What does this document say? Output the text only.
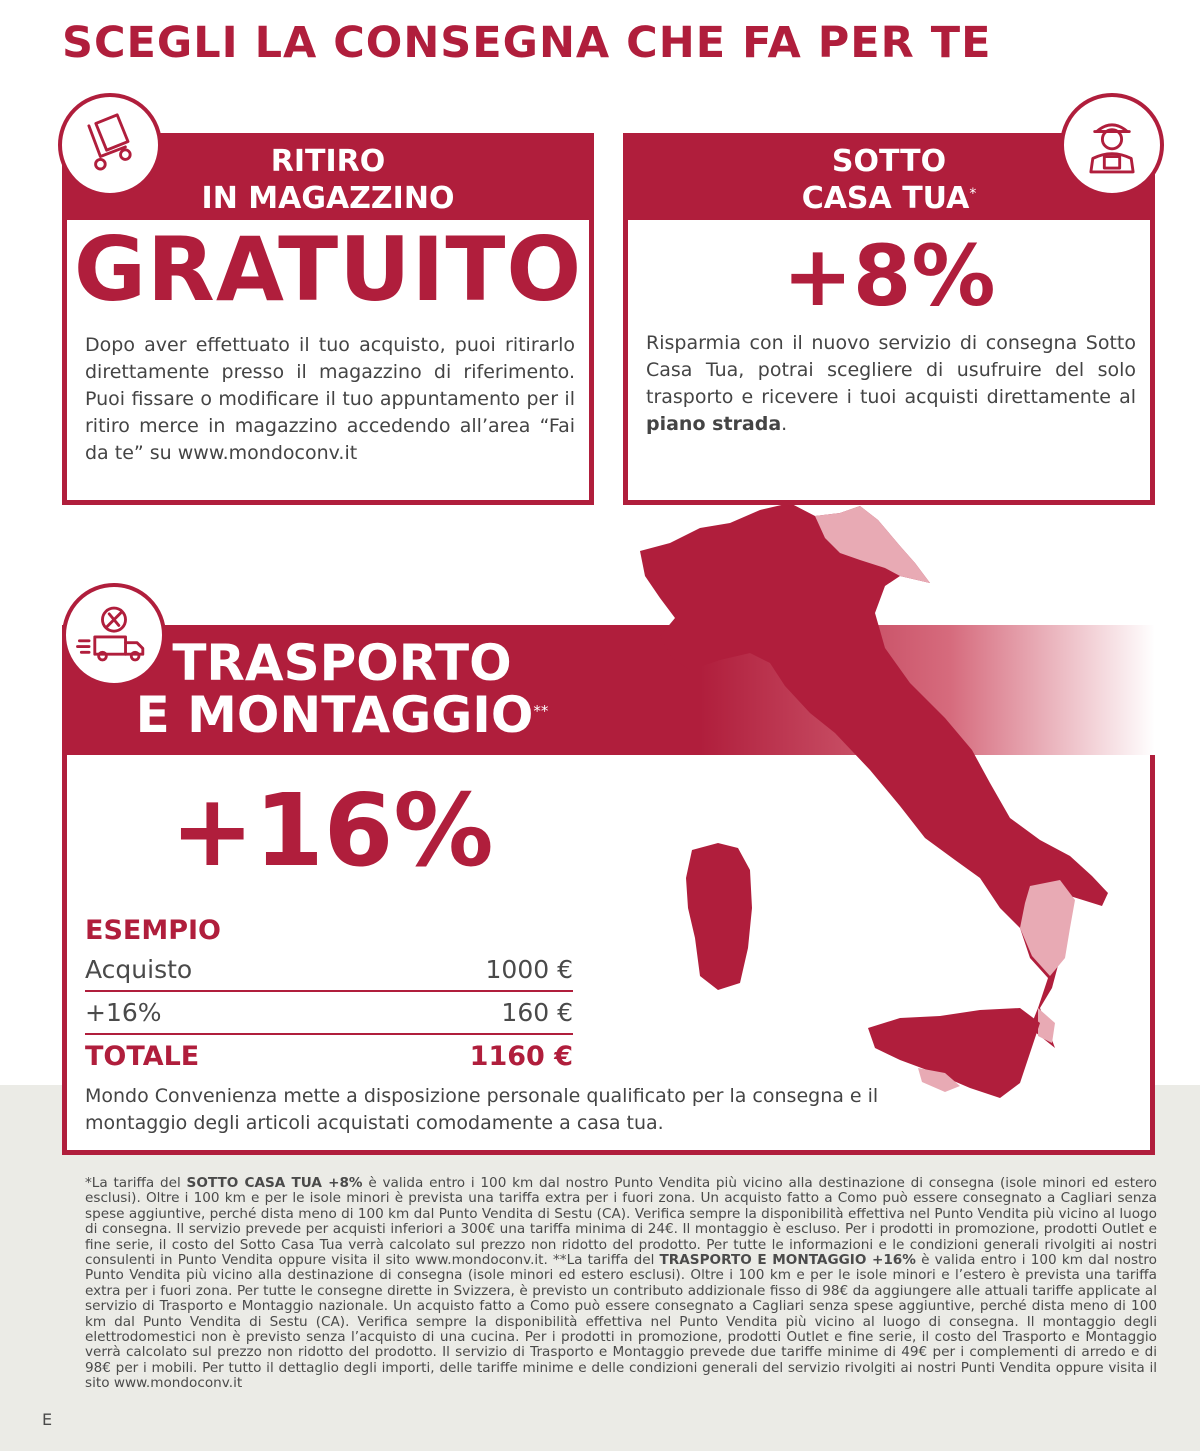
SCEGLI LA CONSEGNA CHE FA PER TE
RITIRO
IN MAGAZZINO
GRATUITO
Dopo aver effettuato il tuo acquisto, puoi ritirarlo direttamente presso il magazzino di riferimento. Puoi fissare o modificare il tuo appuntamento per il ritiro merce in magazzino accedendo all’area “Fai da te” su www.mondoconv.it
SOTTO
CASA TUA*
+8%
Risparmia con il nuovo servizio di consegna Sotto Casa Tua, potrai scegliere di usufruire del solo trasporto e ricevere i tuoi acquisti direttamente al piano strada.
TRASPORTO
E MONTAGGIO**
+16%
Mondo Convenienza mette a disposizione personale qualificato per la consegna e il montaggio degli articoli acquistati comodamente a casa tua.
ESEMPIO
Acquisto	1000 €
+16%	160 €
TOTALE	1160 €
*La tariffa del SOTTO CASA TUA +8% è valida entro i 100 km dal nostro Punto Vendita più vicino alla destinazione di consegna (isole minori ed estero esclusi). Oltre i 100 km e per le isole minori è prevista una tariffa extra per i fuori zona. Un acquisto fatto a Como può essere consegnato a Cagliari senza spese aggiuntive, perché dista meno di 100 km dal Punto Vendita di Sestu (CA). Verifica sempre la disponibilità effettiva nel Punto Vendita più vicino al luogo di consegna. Il servizio prevede per acquisti inferiori a 300€ una tariffa minima di 24€. Il montaggio è escluso. Per i prodotti in promozione, prodotti Outlet e fine serie, il costo del Sotto Casa Tua verrà calcolato sul prezzo non ridotto del prodotto. Per tutte le informazioni e le condizioni generali rivolgiti ai nostri consulenti in Punto Vendita oppure visita il sito www.mondoconv.it. **La tariffa del TRASPORTO E MONTAGGIO +16% è valida entro i 100 km dal nostro Punto Vendita più vicino alla destinazione di consegna (isole minori ed estero esclusi). Oltre i 100 km e per le isole minori e l’estero è prevista una tariffa extra per i fuori zona. Per tutte le consegne dirette in Svizzera, è previsto un contributo addizionale fisso di 98€ da aggiungere alle attuali tariffe applicate al servizio di Trasporto e Montaggio nazionale. Un acquisto fatto a Como può essere consegnato a Cagliari senza spese aggiuntive, perché dista meno di 100 km dal Punto Vendita di Sestu (CA). Verifica sempre la disponibilità effettiva nel Punto Vendita più vicino al luogo di consegna. Il montaggio degli elettrodomestici non è previsto senza l’acquisto di una cucina. Per i prodotti in promozione, prodotti Outlet e fine serie, il costo del Trasporto e Montaggio verrà calcolato sul prezzo non ridotto del prodotto. Il servizio di Trasporto e Montaggio prevede due tariffe minime di 49€ per i complementi di arredo e di 98€ per i mobili. Per tutto il dettaglio degli importi, delle tariffe minime e delle condizioni generali del servizio rivolgiti ai nostri Punti Vendita oppure visita il sito www.mondoconv.it
E
